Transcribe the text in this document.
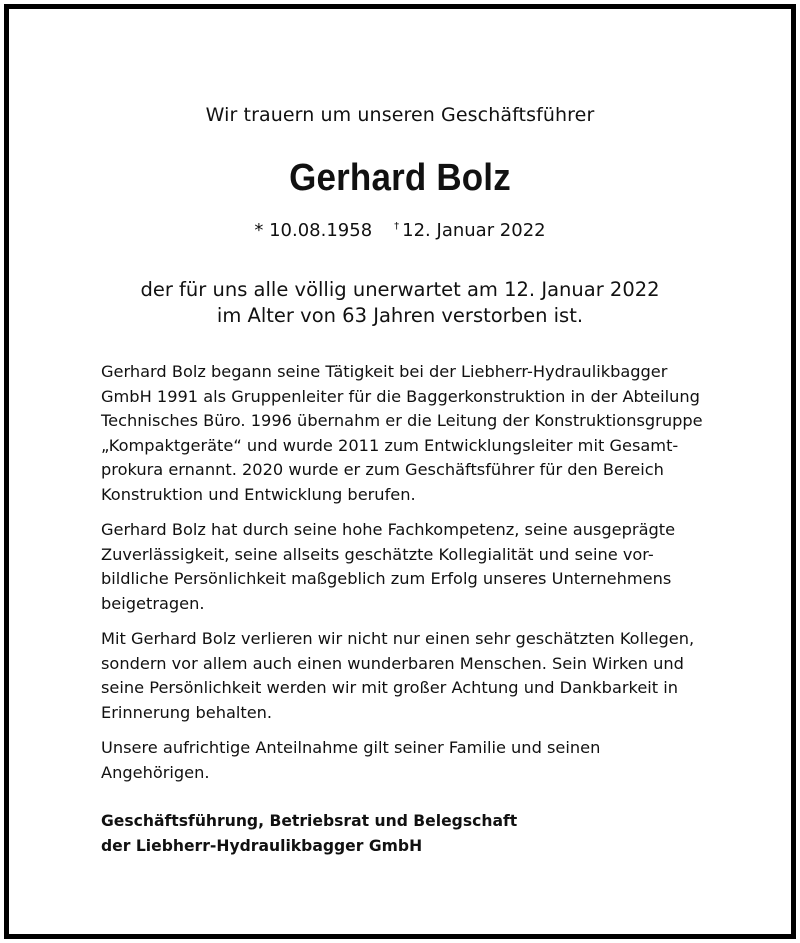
Wir trauern um unseren Geschäftsführer
Gerhard Bolz
* 10.08.1958 † 12. Januar 2022
der für uns alle völlig unerwartet am 12. Januar 2022
im Alter von 63 Jahren verstorben ist.
Gerhard Bolz begann seine Tätigkeit bei der Liebherr-Hydraulikbagger
GmbH 1991 als Gruppenleiter für die Baggerkonstruktion in der Abteilung
Technisches Büro. 1996 übernahm er die Leitung der Konstruktionsgruppe
„Kompaktgeräte“ und wurde 2011 zum Entwicklungsleiter mit Gesamt-
prokura ernannt. 2020 wurde er zum Geschäftsführer für den Bereich
Konstruktion und Entwicklung berufen.
Gerhard Bolz hat durch seine hohe Fachkompetenz, seine ausgeprägte
Zuverlässigkeit, seine allseits geschätzte Kollegialität und seine vor-
bildliche Persönlichkeit maßgeblich zum Erfolg unseres Unternehmens
beigetragen.
Mit Gerhard Bolz verlieren wir nicht nur einen sehr geschätzten Kollegen,
sondern vor allem auch einen wunderbaren Menschen. Sein Wirken und
seine Persönlichkeit werden wir mit großer Achtung und Dankbarkeit in
Erinnerung behalten.
Unsere aufrichtige Anteilnahme gilt seiner Familie und seinen
Angehörigen.
Geschäftsführung, Betriebsrat und Belegschaft
der Liebherr-Hydraulikbagger GmbH
